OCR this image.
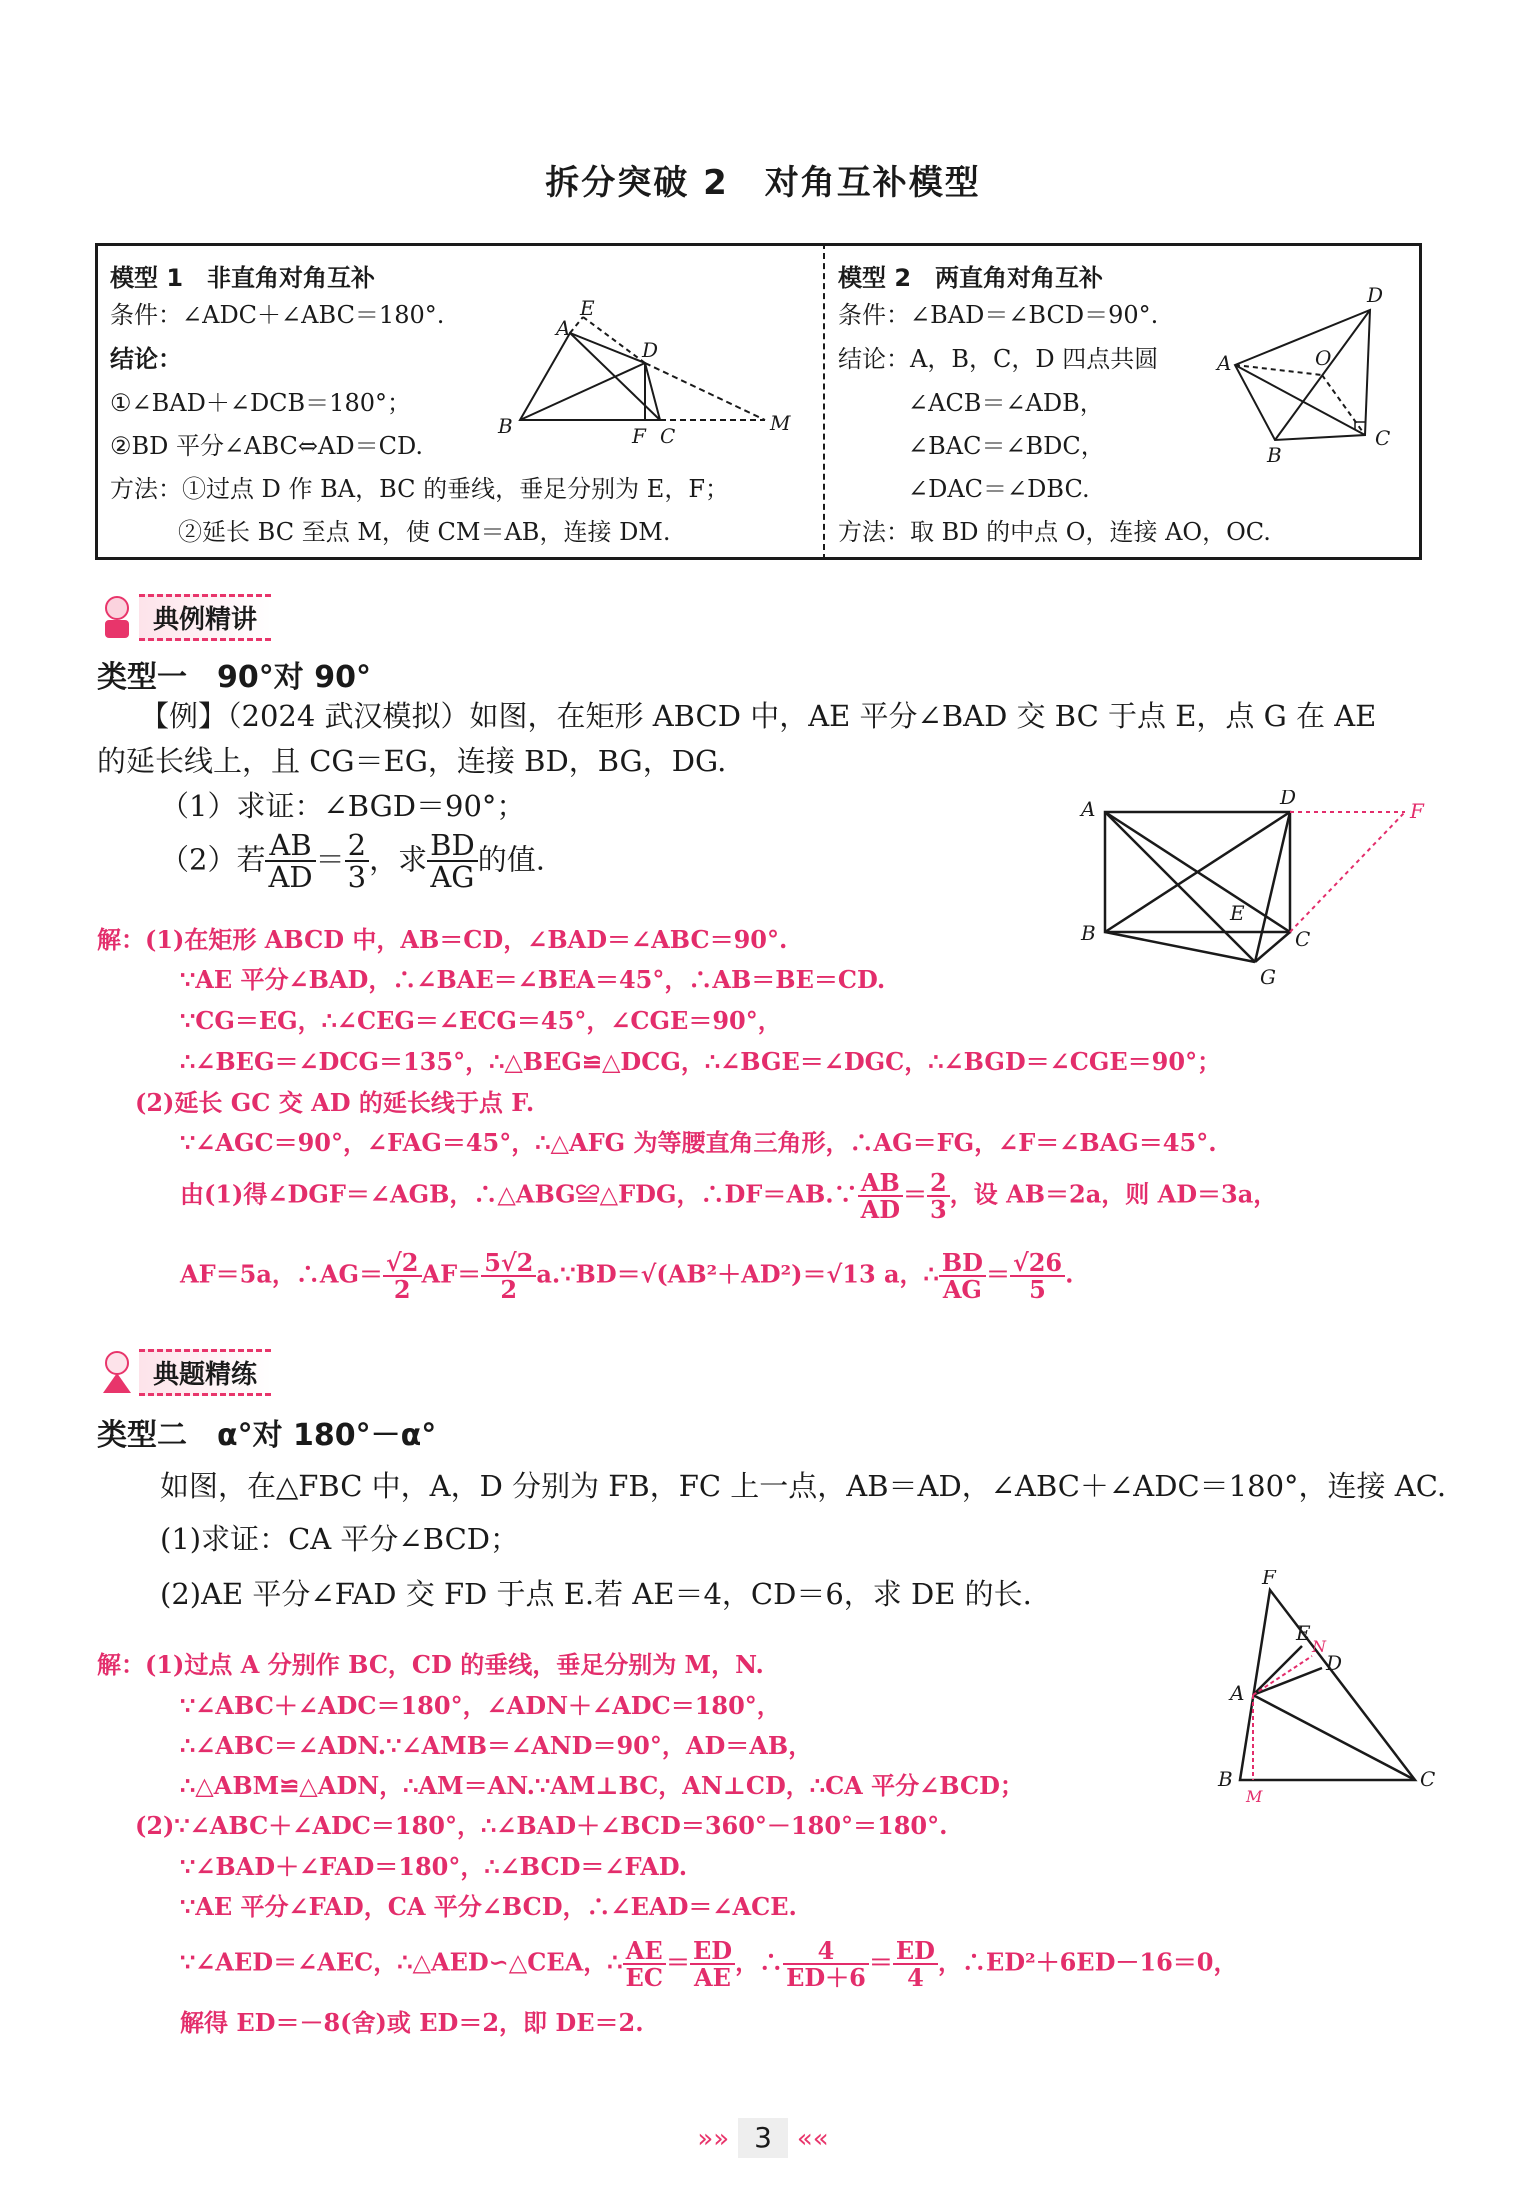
拆分突破 2　对角互补模型
模型 1　非直角对角互补
条件：∠ADC＋∠ABC＝180°.
结论：
①∠BAD＋∠DCB＝180°；
②BD 平分∠ABC⇔AD＝CD.
方法：①过点 D 作 BA，BC 的垂线，垂足分别为 E，F；
②延长 BC 至点 M，使 CM＝AB，连接 DM.
A
E
D
B	F C
M
模型 2　两直角对角互补
条件：∠BAD＝∠BCD＝90°.
结论：A，B，C，D 四点共圆
∠ACB＝∠ADB，
∠BAC＝∠BDC，
∠DAC＝∠DBC.
方法：取 BD 的中点 O，连接 AO，OC.
D
A	O
B
C
典例精讲
类型一　90°对 90°
【例】（2024 武汉模拟）如图，在矩形 ABCD 中，AE 平分∠BAD 交 BC 于点 E，点 G 在 AE
的延长线上，且 CG＝EG，连接 BD，BG，DG.
（1）求证：∠BGD＝90°；
（2）若 $\frac{AB}{AD} = \frac{2}{3}$ ，求 $\frac{BD}{AG}$ 的值.
A	D
F
B
E
C
G
解：(1)在矩形 ABCD 中，AB＝CD，∠BAD＝∠ABC＝90°.
∵AE 平分∠BAD，∴∠BAE＝∠BEA＝45°，∴AB＝BE＝CD.
∵CG＝EG，∴∠CEG＝∠ECG＝45°，∠CGE＝90°，
∴∠BEG＝∠DCG＝135°，∴△BEG≌△DCG，∴∠BGE＝∠DGC，∴∠BGD＝∠CGE＝90°；
(2)延长 GC 交 AD 的延长线于点 F.
∵∠AGC＝90°，∠FAG＝45°，∴△AFG 为等腰直角三角形，∴AG＝FG，∠F＝∠BAG＝45°.
由(1)得∠DGF＝∠AGB，∴△ABG≌△FDG，∴DF＝AB.∵ $\frac{AB}{AD} = \frac{2}{3}$ ，设 AB＝2a，则 AD＝3a，
AF＝5a，∴AG＝ $\frac{√2}{2} AF= \frac{5√2}{2}$ a.∵BD＝√(AB²＋AD²)＝√13 a，∴ $\frac{BD}{AG} = \frac{√26}{5}$ .
典题精练
类型二　α°对 180°－α°
如图，在△FBC 中，A，D 分别为 FB，FC 上一点，AB＝AD，∠ABC＋∠ADC＝180°，连接 AC.
(1)求证：CA 平分∠BCD；
(2)AE 平分∠FAD 交 FD 于点 E.若 AE＝4，CD＝6，求 DE 的长.	F
E
N
D
A
B
M
C
解：(1)过点 A 分别作 BC，CD 的垂线，垂足分别为 M，N.
∵∠ABC＋∠ADC＝180°，∠ADN＋∠ADC＝180°，
∴∠ABC＝∠ADN.∵∠AMB＝∠AND＝90°，AD＝AB，
∴△ABM≌△ADN，∴AM＝AN.∵AM⊥BC，AN⊥CD，∴CA 平分∠BCD；
(2)∵∠ABC＋∠ADC＝180°，∴∠BAD＋∠BCD＝360°－180°＝180°.
∵∠BAD＋∠FAD＝180°，∴∠BCD＝∠FAD.
∵AE 平分∠FAD，CA 平分∠BCD，∴∠EAD＝∠ACE.
∵∠AED＝∠AEC，∴△AED∽△CEA，∴ $\frac{AE}{EC} = \frac{ED}{AE}$ ，∴ $\frac{4}{ED+6} = \frac{ED}{4}$ ，∴ED²＋6ED－16＝0，
解得 ED＝－8(舍)或 ED＝2，即 DE＝2.
»» 3 ««
